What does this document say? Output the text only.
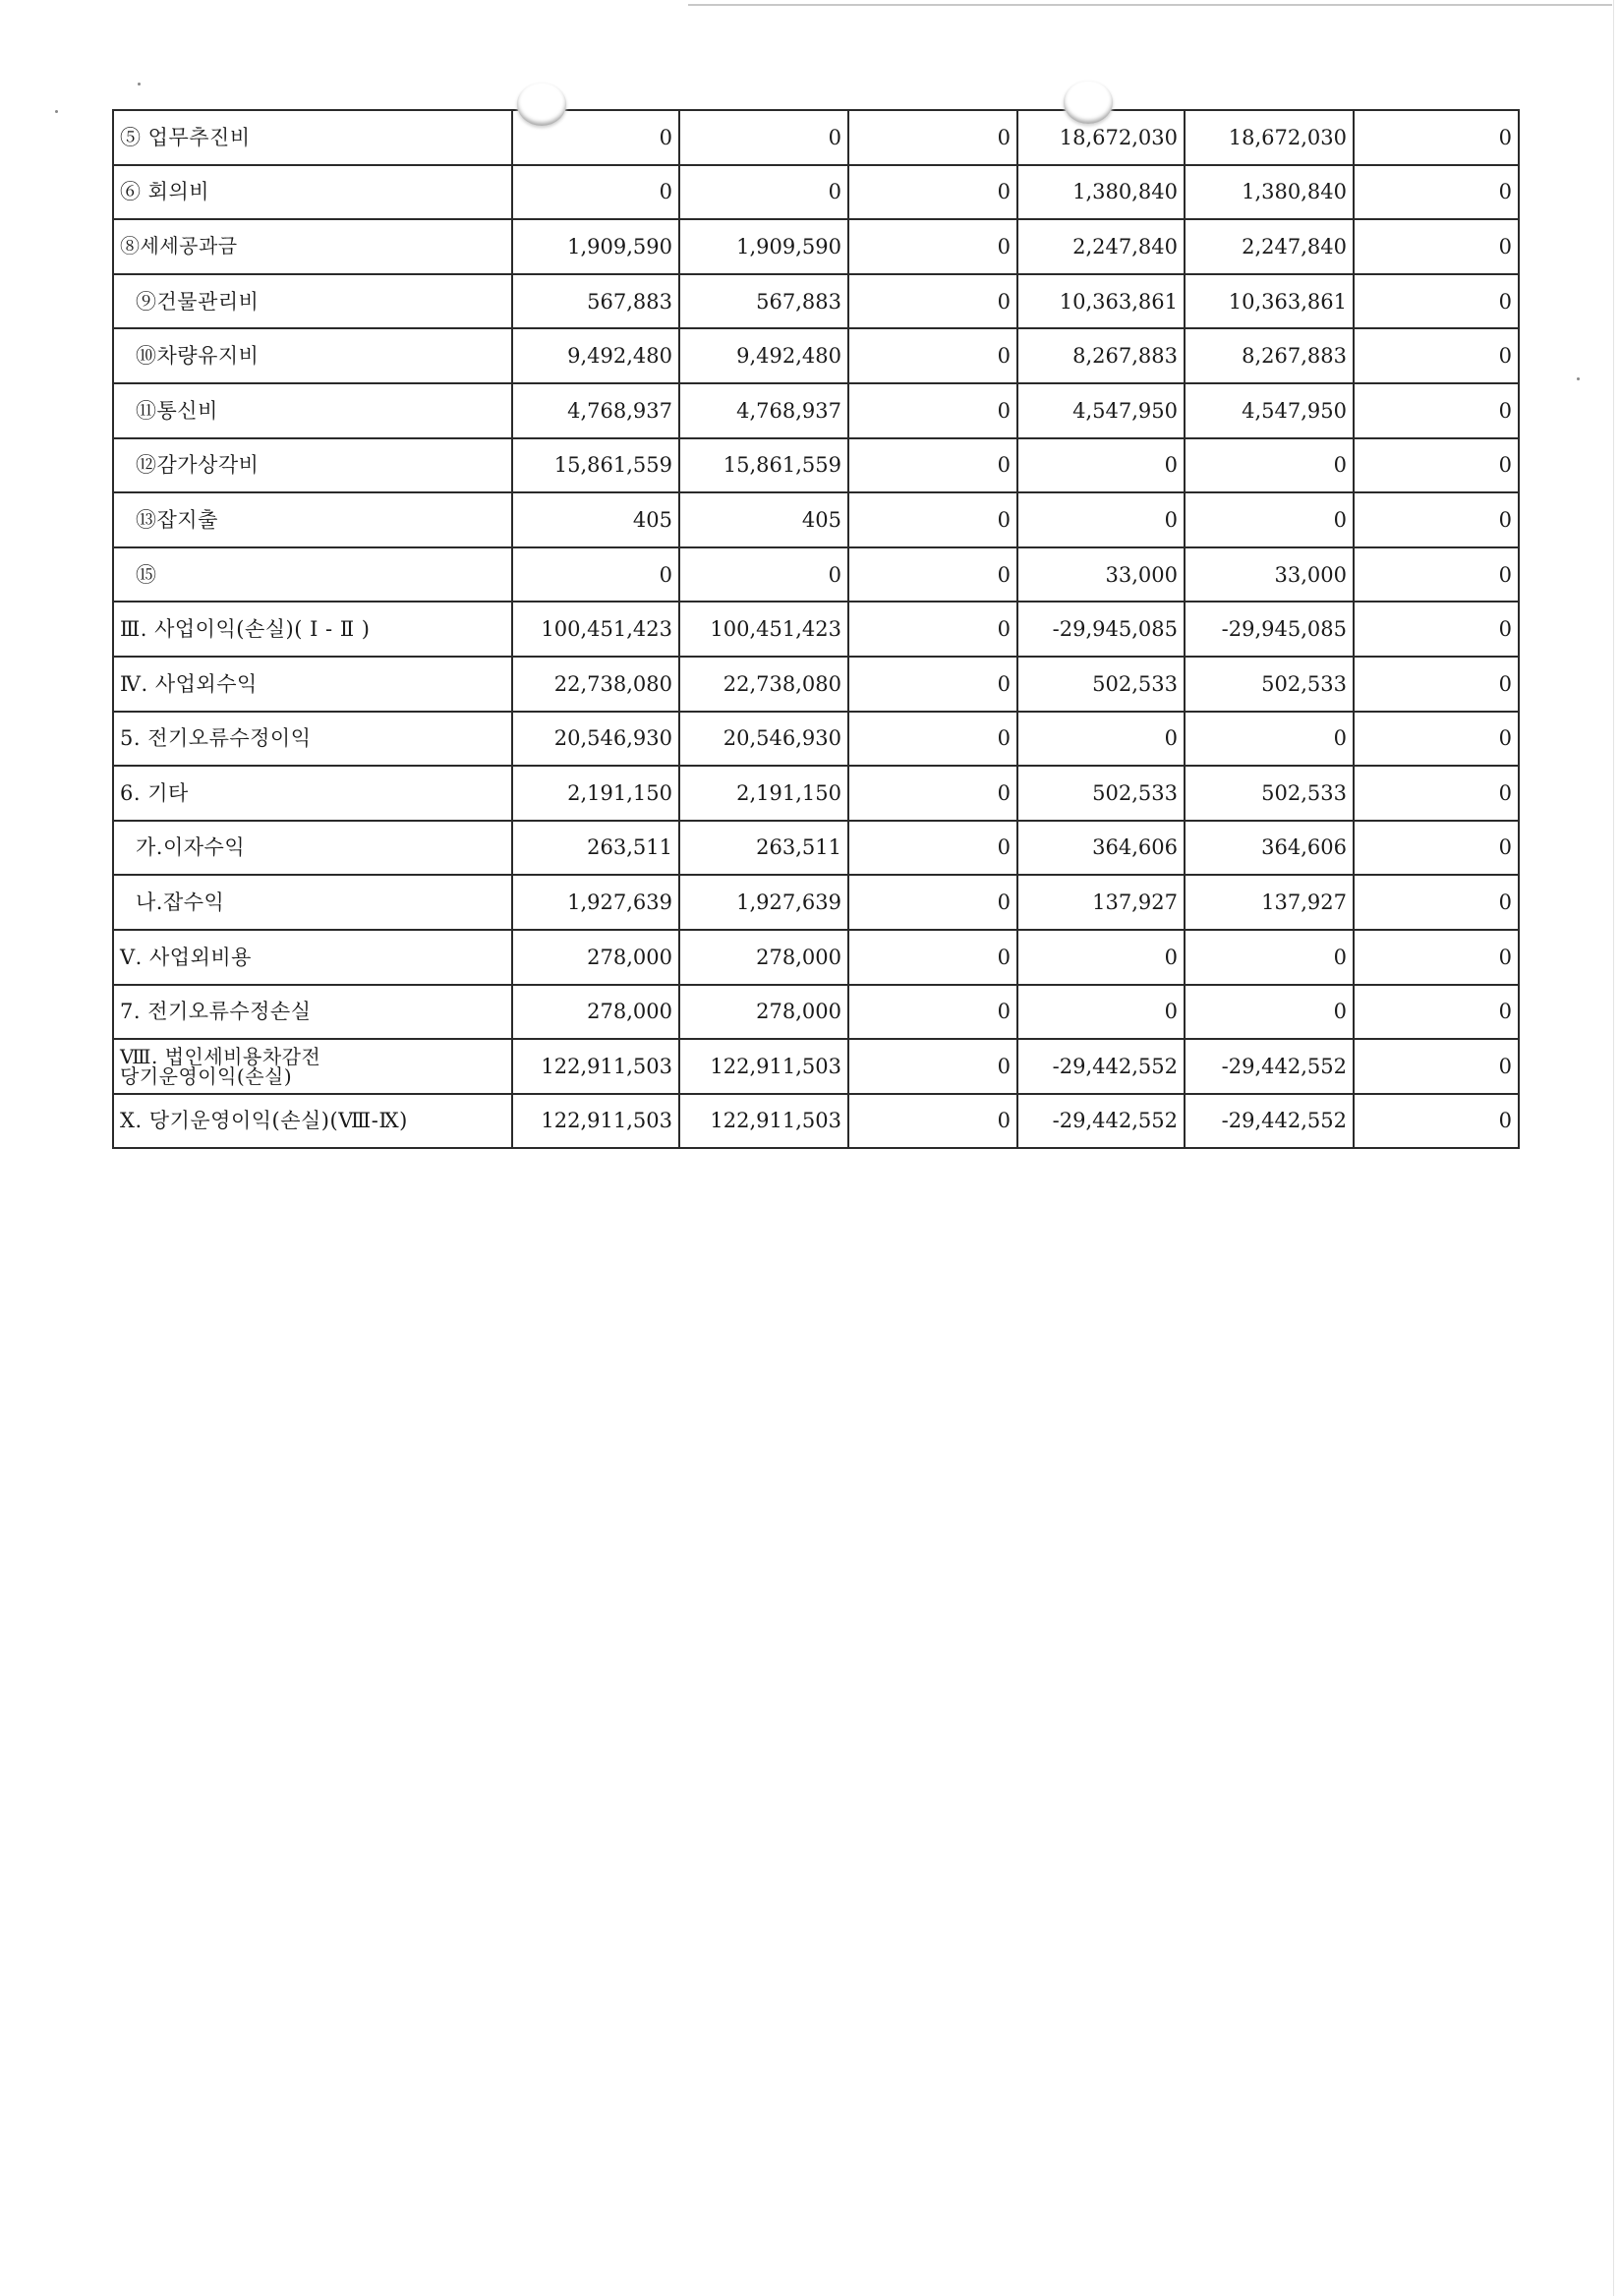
⑤ 업무추진비	0	0	0	18,672,030	18,672,030	0
⑥ 회의비	0	0	0	1,380,840	1,380,840	0
⑧세세공과금	1,909,590	1,909,590	0	2,247,840	2,247,840	0
⑨건물관리비	567,883	567,883	0	10,363,861	10,363,861	0
⑩차량유지비	9,492,480	9,492,480	0	8,267,883	8,267,883	0
⑪통신비	4,768,937	4,768,937	0	4,547,950	4,547,950	0
⑫감가상각비	15,861,559	15,861,559	0	0	0	0
⑬잡지출	405	405	0	0	0	0
⑮	0	0	0	33,000	33,000	0
Ⅲ. 사업이익(손실)( Ⅰ - Ⅱ )	100,451,423	100,451,423	0	-29,945,085	-29,945,085	0
Ⅳ. 사업외수익	22,738,080	22,738,080	0	502,533	502,533	0
5. 전기오류수정이익	20,546,930	20,546,930	0	0	0	0
6. 기타	2,191,150	2,191,150	0	502,533	502,533	0
가.이자수익	263,511	263,511	0	364,606	364,606	0
나.잡수익	1,927,639	1,927,639	0	137,927	137,927	0
Ⅴ. 사업외비용	278,000	278,000	0	0	0	0
7. 전기오류수정손실	278,000	278,000	0	0	0	0

Ⅷ. 법인세비용차감전
당기운영이익(손실)	122,911,503	122,911,503	0	-29,442,552	-29,442,552	0
Ⅹ. 당기운영이익(손실)(Ⅷ-Ⅸ)	122,911,503	122,911,503	0	-29,442,552	-29,442,552	0
